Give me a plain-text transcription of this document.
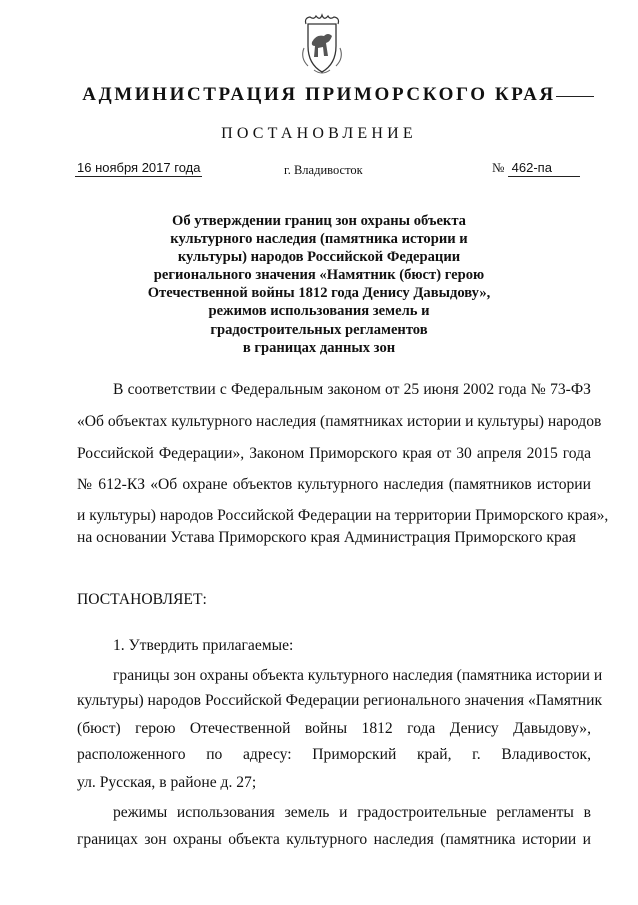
АДМИНИСТРАЦИЯ ПРИМОРСКОГО КРАЯ
ПОСТАНОВЛЕНИЕ
16 ноября 2017 года	г. Владивосток	№ 462-па
Об утверждении границ зон охраны объекта
культурного наследия (памятника истории и
культуры) народов Российской Федерации
регионального значения «Намятник (бюст) герою
Отечественной войны 1812 года Денису Давыдову»,
режимов использования земель и
градостроительных регламентов
в границах данных зон
В соответствии с Федеральным законом от 25 июня 2002 года № 73-ФЗ
«Об объектах культурного наследия (памятниках истории и культуры) народов
Российской Федерации», Законом Приморского края от 30 апреля 2015 года
№ 612-КЗ «Об охране объектов культурного наследия (памятников истории
и культуры) народов Российской Федерации на территории Приморского края»,
на основании Устава Приморского края Администрация Приморского края
ПОСТАНОВЛЯЕТ:
1. Утвердить прилагаемые:
границы зон охраны объекта культурного наследия (памятника истории и
культуры) народов Российской Федерации регионального значения «Памятник
(бюст) герою Отечественной войны 1812 года Денису Давыдову»,
расположенного по адресу: Приморский край, г. Владивосток,
ул. Русская, в районе д. 27;
режимы использования земель и градостроительные регламенты в
границах зон охраны объекта культурного наследия (памятника истории и
